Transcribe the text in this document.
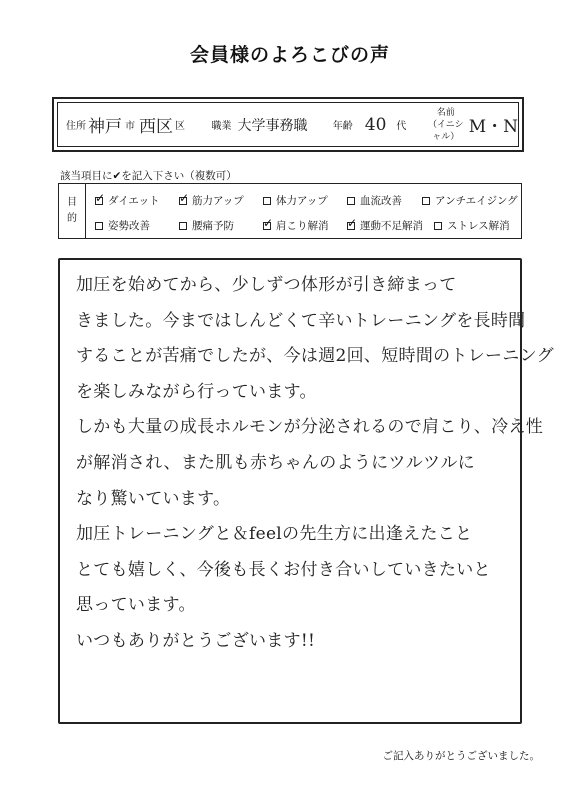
会員様のよろこびの声
住所 神戸 市 西区 区	職業 大学事務職	年齢 40 代
名前
（イニシャル） M・N
該当項目に✔を記入下さい（複数可）
目
的
✓
ダイエット ✓	筋力アップ	体力アップ	血流改善	アンチエイジング
姿勢改善	腰痛予防 ✓	肩こり解消 ✓	運動不足解消 ストレス解消
加圧を始めてから、少しずつ体形が引き締まって
きました。今まではしんどくて辛いトレーニングを長時間
することが苦痛でしたが、今は週2回、短時間のトレーニング
を楽しみながら行っています。
しかも大量の成長ホルモンが分泌されるので肩こり、冷え性
が解消され、また肌も赤ちゃんのようにツルツルに
なり驚いています。
加圧トレーニングと＆feelの先生方に出逢えたこと
とても嬉しく、今後も長くお付き合いしていきたいと
思っています。
いつもありがとうございます!!
ご記入ありがとうございました。
